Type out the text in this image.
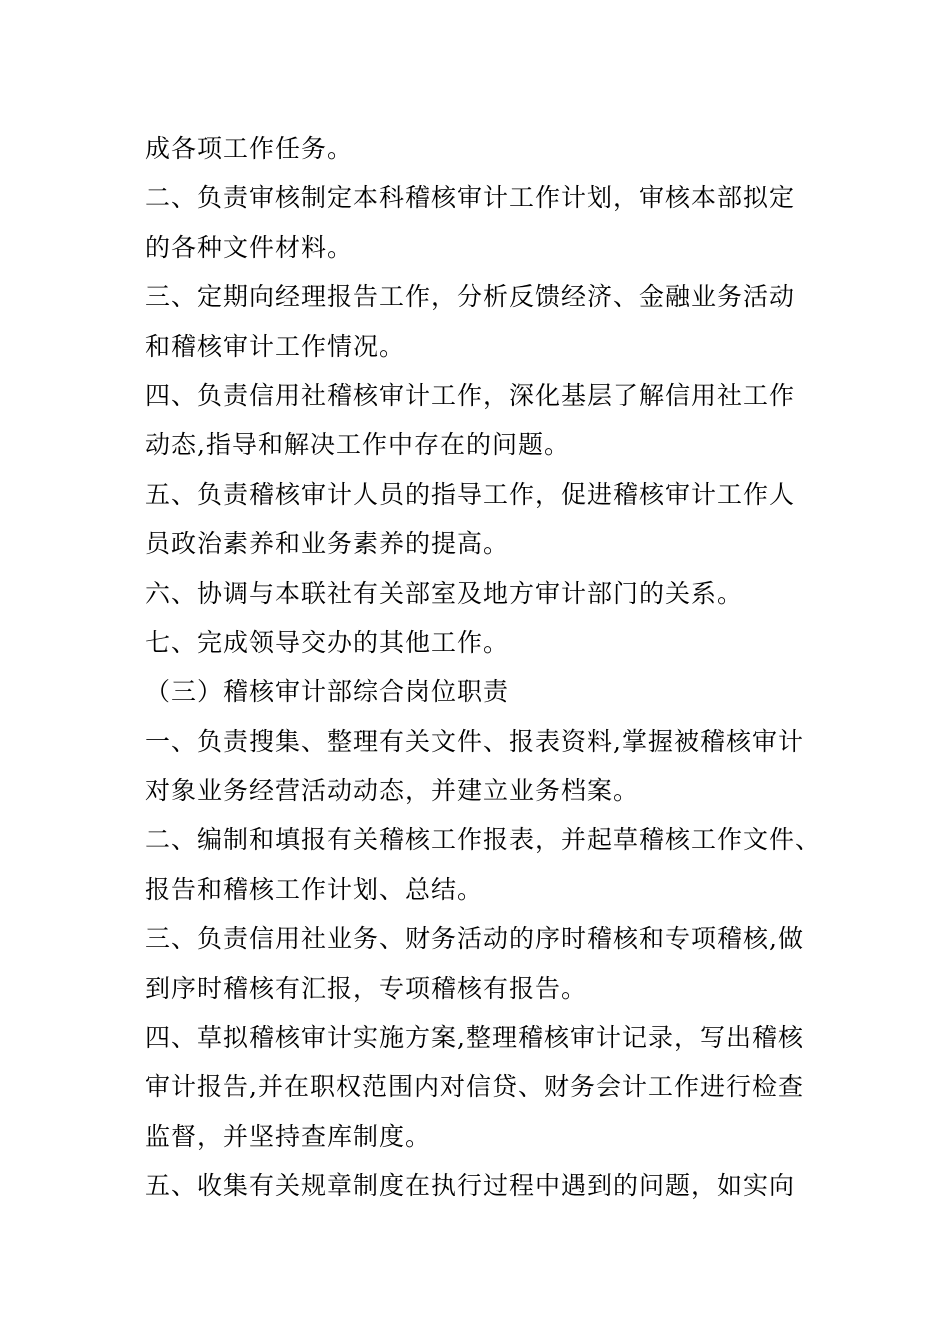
成各项工作任务。
二、负责审核制定本科稽核审计工作计划，审核本部拟定
的各种文件材料。
三、定期向经理报告工作，分析反馈经济、金融业务活动
和稽核审计工作情况。
四、负责信用社稽核审计工作，深化基层了解信用社工作
动态,指导和解决工作中存在的问题。
五、负责稽核审计人员的指导工作，促进稽核审计工作人
员政治素养和业务素养的提高。
六、协调与本联社有关部室及地方审计部门的关系。
七、完成领导交办的其他工作。
（三）稽核审计部综合岗位职责
一、负责搜集、整理有关文件、报表资料,掌握被稽核审计
对象业务经营活动动态，并建立业务档案。
二、编制和填报有关稽核工作报表，并起草稽核工作文件、
报告和稽核工作计划、总结。
三、负责信用社业务、财务活动的序时稽核和专项稽核,做
到序时稽核有汇报，专项稽核有报告。
四、草拟稽核审计实施方案,整理稽核审计记录，写出稽核
审计报告,并在职权范围内对信贷、财务会计工作进行检查
监督，并坚持查库制度。
五、收集有关规章制度在执行过程中遇到的问题，如实向
